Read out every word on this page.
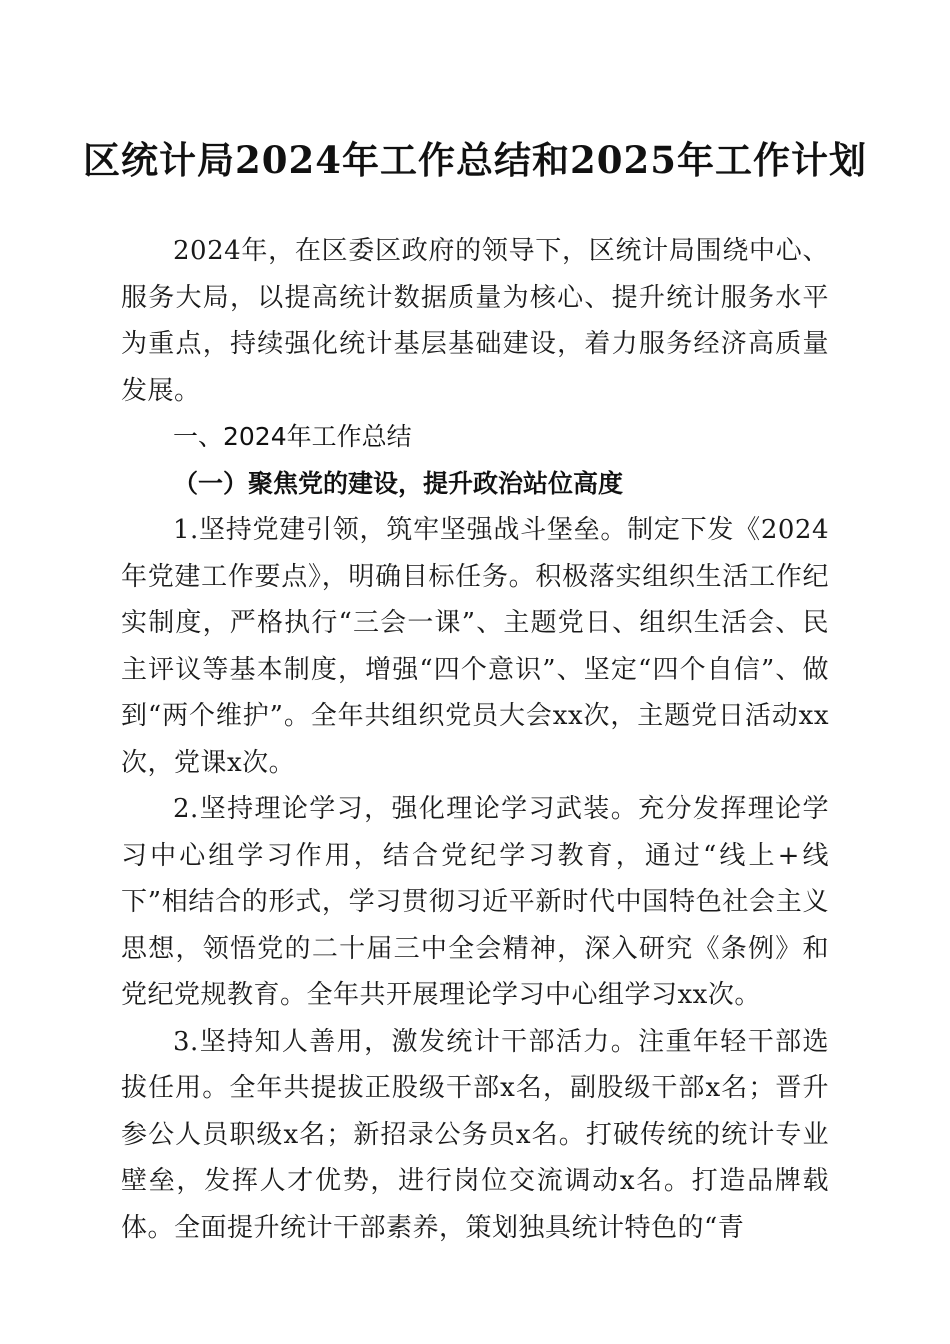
区统计局2024年工作总结和2025年工作计划

2024年，在区委区政府的领导下，区统计局围绕中心、服务大局，以提高统计数据质量为核心、提升统计服务水平为重点，持续强化统计基层基础建设，着力服务经济高质量发展。

一、2024年工作总结

（一）聚焦党的建设，提升政治站位高度

1.坚持党建引领，筑牢坚强战斗堡垒。制定下发《2024年党建工作要点》，明确目标任务。积极落实组织生活工作纪实制度，严格执行“三会一课”、主题党日、组织生活会、民主评议等基本制度，增强“四个意识”、坚定“四个自信”、做到“两个维护”。全年共组织党员大会xx次，主题党日活动xx次，党课x次。

2.坚持理论学习，强化理论学习武装。充分发挥理论学习中心组学习作用，结合党纪学习教育，通过“线上+线下”相结合的形式，学习贯彻习近平新时代中国特色社会主义思想，领悟党的二十届三中全会精神，深入研究《条例》和党纪党规教育。全年共开展理论学习中心组学习xx次。

3.坚持知人善用，激发统计干部活力。注重年轻干部选拔任用。全年共提拔正股级干部x名，副股级干部x名；晋升参公人员职级x名；新招录公务员x名。打破传统的统计专业壁垒，发挥人才优势，进行岗位交流调动x名。打造品牌载体。全面提升统计干部素养，策划独具统计特色的“青
